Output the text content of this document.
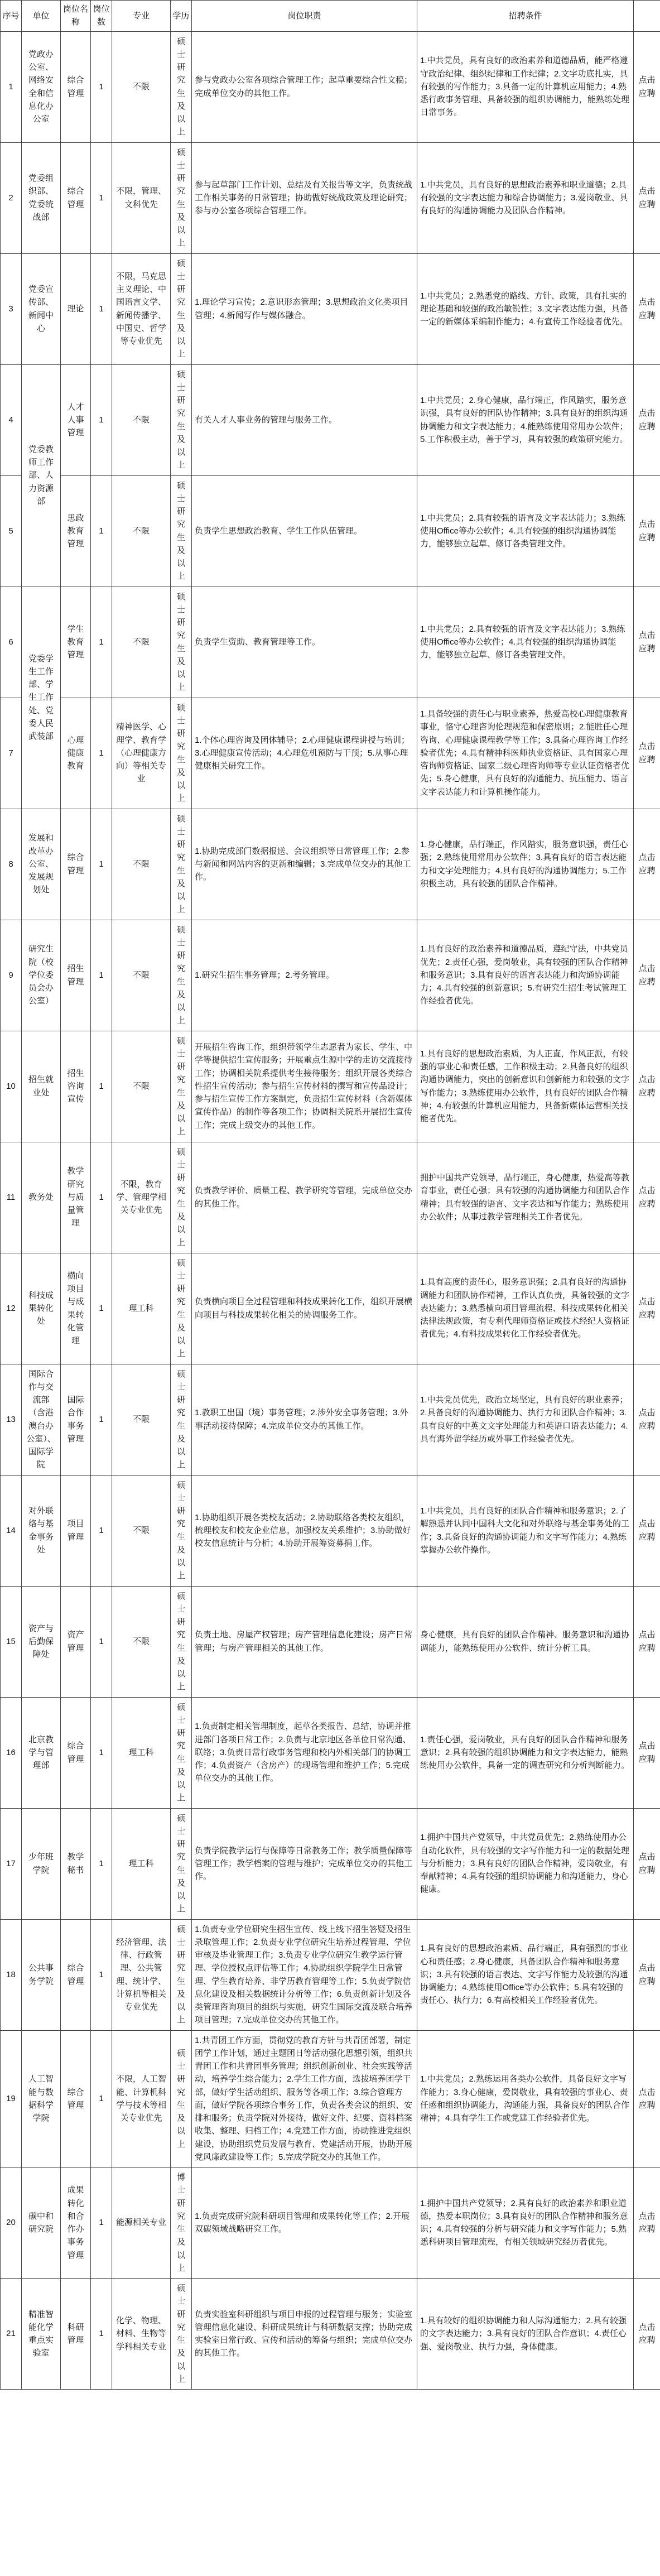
序号	单位	岗位名称	岗位数	专业	学历	岗位职责	招聘条件	
1	党政办公室、网络安全和信息化办公室	综合管理	1	不限	硕士研究生及以上	参与党政办公室各项综合管理工作；起草重要综合性文稿；完成单位交办的其他工作。	1.中共党员，具有良好的政治素养和道德品质，能严格遵守政治纪律、组织纪律和工作纪律；2.文字功底扎实，具有较强的写作能力；3.具备一定的计算机应用能力；4.熟悉行政事务管理、具备较强的组织协调能力，能熟练处理日常事务。	点击应聘
2	党委组织部、党委统战部	综合管理	1	不限，管理、文科优先	硕士研究生及以上	参与起草部门工作计划、总结及有关报告等文字，负责统战工作相关事务的日常管理；协助做好统战政策及理论研究；参与办公室各项综合管理工作。	1.中共党员，具有良好的思想政治素养和职业道德；2.具有较强的文字表达能力和综合协调能力；3.爱岗敬业、具有良好的沟通协调能力及团队合作精神。	点击应聘
3	党委宣传部、新闻中心	理论	1	不限，马克思主义理论、中国语言文学、新闻传播学、中国史、哲学等专业优先	硕士研究生及以上	1.理论学习宣传；2.意识形态管理；3.思想政治文化类项目管理；4.新闻写作与媒体融合。	1.中共党员；2.熟悉党的路线、方针、政策，具有扎实的理论基础和较强的政治敏锐性；3.文字表达能力强，具备一定的新媒体采编制作能力；4.有宣传工作经验者优先。	点击应聘
4	党委教师工作部、人力资源部	人才人事管理	1	不限	硕士研究生及以上	有关人才人事业务的管理与服务工作。	1.中共党员；2.身心健康，品行端正，作风踏实，服务意识强，具有良好的团队协作精神；3.具有良好的组织沟通协调能力和文字表达能力；4.能熟练使用常用办公软件；5.工作积极主动，善于学习，具有较强的政策研究能力。	点击应聘
5		思政教育管理	1	不限	硕士研究生及以上	负责学生思想政治教育、学生工作队伍管理。	1.中共党员；2.具有较强的语言及文字表达能力；3.熟练使用Office等办公软件；4.具有较强的组织沟通协调能力，能够独立起草、修订各类管理文件。	点击应聘
6	党委学生工作部、学生工作处、党委人民武装部	学生教育管理	1	不限	硕士研究生及以上	负责学生资助、教育管理等工作。	1.中共党员；2.具有较强的语言及文字表达能力；3.熟练使用Office等办公软件；4.具有较强的组织沟通协调能力，能够独立起草、修订各类管理文件。	点击应聘
7		心理健康教育	1	精神医学、心理学、教育学（心理健康方向）等相关专业	硕士研究生及以上	1.个体心理咨询及团体辅导；2.心理健康课程讲授与培训；3.心理健康宣传活动；4.心理危机预防与干预；5.从事心理健康相关研究工作。	1.具备较强的责任心与职业素养，热爱高校心理健康教育事业，恪守心理咨询伦理规范和保密原则；2.能胜任心理咨询、心理健康课程教学等工作；3.具备心理咨询工作经验者优先；4.具有精神科医师执业资格证、具有国家心理咨询师资格证、国家二级心理咨询师等专业认证资格者优先；5.身心健康，具有良好的沟通能力、抗压能力、语言文字表达能力和计算机操作能力。	点击应聘
8	发展和改革办公室、发展规划处	综合管理	1	不限	硕士研究生及以上	1.协助完成部门数据报送、会议组织等日常管理工作；2.参与新闻和网站内容的更新和编辑；3.完成单位交办的其他工作。	1.身心健康，品行端正，作风踏实，服务意识强，责任心强；2.熟练使用常用办公软件；3.具有良好的语言表达能力和文字处理能力；4.具有良好的沟通协调能力；5.工作积极主动，具有较强的团队合作精神。	点击应聘
9	研究生院（校学位委员会办公室）	招生管理	1	不限	硕士研究生及以上	1.研究生招生事务管理；2.考务管理。	1.具有良好的政治素养和道德品质，遵纪守法，中共党员优先；2.责任心强，爱岗敬业，具有较强的团队合作精神和服务意识；3.具有良好的语言表达能力和沟通协调能力；4.具有较强的创新意识；5.有研究生招生考试管理工作经验者优先。	点击应聘
10	招生就业处	招生咨询宣传	1	不限	硕士研究生及以上	开展招生咨询工作，组织带领学生志愿者为家长、学生、中学等提供招生宣传服务；开展重点生源中学的走访交流接待工作；协调相关院系提供考生接待服务；组织开展各类综合性招生宣传活动；参与招生宣传材料的撰写和宣传品设计；参与招生宣传工作方案制定，负责招生宣传材料（含新媒体宣传作品）的制作等各项工作；协调相关院系开展招生宣传工作；完成上级交办的其他工作。	1.具有良好的思想政治素质，为人正直，作风正派，有较强的事业心和责任感，工作积极主动；2.具备良好的组织沟通协调能力，突出的创新意识和创新能力和较强的文字写作能力；3.熟练使用办公软件，具有良好的团队合作精神；4.有较强的计算机应用能力，具备新媒体运营相关技能者优先。	点击应聘
11	教务处	教学研究与质量管理	1	不限，教育学、管理学相关专业优先	硕士研究生及以上	负责教学评价、质量工程、教学研究等管理，完成单位交办的其他工作。	拥护中国共产党领导，品行端正，身心健康，热爱高等教育事业，责任心强；具有较强的沟通协调能力和团队合作精神；具有较强的语言、文字表达和写作能力；熟练使用办公软件；从事过教学管理相关工作者优先。	点击应聘
12	科技成果转化处	横向项目与成果转化管理	1	理工科	硕士研究生及以上	负责横向项目全过程管理和科技成果转化工作，组织开展横向项目与科技成果转化相关的协调服务工作。	1.具有高度的责任心，服务意识强；2.具有良好的沟通协调能力和团队协作精神，工作认真负责，具备较强的文字表达能力；3.熟悉横向项目管理流程、科技成果转化相关法律法规政策，有专利代理师资格证或技术经纪人资格证者优先；4.有科技成果转化工作经验者优先。	点击应聘
13	国际合作与交流部（含港澳台办公室）、国际学院	国际合作事务管理	1	不限	硕士研究生及以上	1.教职工出国（境）事务管理；2.涉外安全事务管理；3.外事活动接待保障；4.完成单位交办的其他工作。	1.中共党员优先，政治立场坚定，具有良好的职业素养；2.具备良好的沟通协调能力、执行力和团队合作精神；3.具有良好的中英文文字处理能力和英语口语表达能力；4.具有海外留学经历或外事工作经验者优先。	点击应聘
14	对外联络与基金事务处	项目管理	1	不限	硕士研究生及以上	1.协助组织开展各类校友活动；2.协助联络各类校友组织，梳理校友和校友企业信息，加强校友关系维护；3.协助做好校友信息统计与分析；4.协助开展筹资募捐工作。	1.中共党员，具有良好的团队合作精神和服务意识；2.了解熟悉并认同中国科大文化和对外联络与基金事务处的工作；3.具备良好的沟通协调能力和文字写作能力；4.熟练掌握办公软件操作。	点击应聘
15	资产与后勤保障处	资产管理	1	不限	硕士研究生及以上	负责土地、房屋产权管理；房产管理信息化建设；房产日常管理；与房产管理相关的其他工作。	身心健康，具有良好的团队合作精神、服务意识和沟通协调能力，能熟练使用办公软件、统计分析工具。	点击应聘
16	北京教学与管理部	综合管理	1	理工科	硕士研究生及以上	1.负责制定相关管理制度，起草各类报告、总结，协调并推进部门各项日常工作；2.负责与北京地区各单位日常沟通、联络；3.负责日常行政事务管理和校内外相关部门的协调工作；4.负责资产（含房产）的现场管理和维护工作；5.完成单位交办的其他工作。	1.责任心强，爱岗敬业，具有良好的团队合作精神和服务意识；2.具有较强的组织协调能力和文字表达能力，能熟练使用办公软件，具备一定的调查研究和分析判断能力。	点击应聘
17	少年班学院	教学秘书	1	理工科	硕士研究生及以上	负责学院教学运行与保障等日常教务工作；教学质量保障等管理工作；教学档案的管理与维护；完成单位交办的其他工作。	1.拥护中国共产党领导，中共党员优先；2.熟练使用办公自动化软件，具有较强的文字写作能力和一定的数据处理与分析能力；3.具有良好的团队合作精神，爱岗敬业，有奉献精神；4.具有较强的组织协调能力和沟通能力，身心健康。	点击应聘
18	公共事务学院	综合管理	1	经济管理、法律、行政管理、公共管理、统计学、计算机等相关专业优先	硕士研究生及以上	1.负责专业学位研究生招生宣传、线上线下招生答疑及招生录取管理工作；2.负责专业学位研究生培养过程管理、学位审核及毕业管理工作；3.负责专业学位研究生教学运行管理、学位授权点评估等工作；4.协助组织学院学生日常管理、学生教育培养、非学历教育管理等工作；5.负责学院信息化建设及相关数据统计分析等工作；6.负责创新计划及各类管理咨询项目的组织与实施，研究生国际交流及联合培养项目管理；7.完成单位交办的其他工作。	1.具有良好的思想政治素质、品行端正，具有强烈的事业心和责任感；2.身心健康，具备团队合作精神和服务意识；3.具有较强的语言表达、文字写作能力及较强的沟通协调能力；4.熟练使用Office等办公软件；5.具有较强的责任心、执行力；6.有高校相关工作经验者优先。	点击应聘
19	人工智能与数据科学学院	综合管理	1	不限，人工智能、计算机科学与技术等相关专业优先	硕士研究生及以上	1.共青团工作方面，贯彻党的教育方针与共青团部署，制定团学工作计划，通过主题团日等活动强化思想引领，组织共青团工作和共青团事务管理；组织创新创业、社会实践等活动，培养学生综合能力；2.学生工作方面，选拔培养团学干部，做好学生活动组织、服务等各项工作；3.综合管理方面，做好学院各项综合事务工作，负责各类会议的组织、安排和服务；负责学院对外接待，做好文件、纪要、资料档案收集、整理、归档工作；4.党建工作方面，协助推进党组织建设，协助组织党员发展与教育、党建活动开展，协助开展党风廉政建设等工作；5.完成学院交办的其他工作。	1.中共党员；2.熟练运用各类办公软件，具备良好文字写作能力；3.身心健康，爱岗敬业，具有较强的事业心、责任感和组织协调能力，沟通能力强，具备良好的团队合作精神；4.具有学生工作或党建工作经验者优先。	点击应聘
20	碳中和研究院	成果转化和合作办事务管理	1	能源相关专业	博士研究生及以上	1.负责完成研究院科研项目管理和成果转化等工作；2.开展双碳领域战略研究工作。	1.拥护中国共产党领导；2.具有良好的政治素养和职业道德，热爱本职岗位；3.具有良好的团队合作精神和服务意识；4.具有较强的分析与研究能力和文字写作能力；5.熟悉科研项目管理流程，有相关领域研究经历者优先。	点击应聘
21	精准智能化学重点实验室	科研管理	1	化学、物理、材料、生物等学科相关专业	硕士研究生及以上	负责实验室科研组织与项目申报的过程管理与服务；实验室管理信息化建设、科研成果统计与科研数据支撑；协助完成实验室日常行政、宣传和活动的筹备与组织；完成单位交办的其他工作。	1.具有较好的组织协调能力和人际沟通能力；2.具有较强的文字表达能力；3.具有良好的团队合作意识；4.责任心强、爱岗敬业、执行力强，身体健康。	点击应聘
